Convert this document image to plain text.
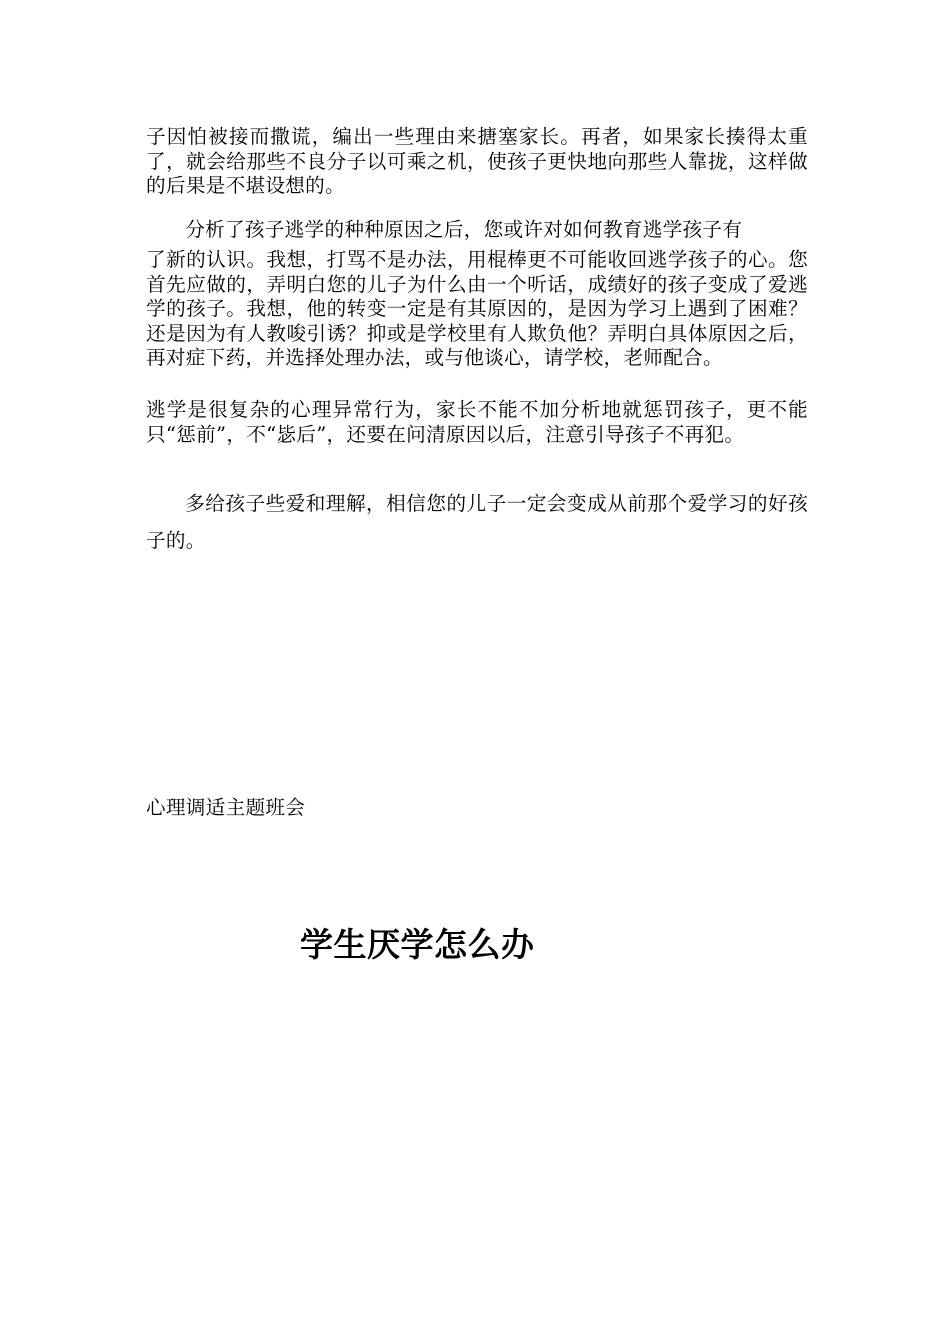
子因怕被接而撒谎，编出一些理由来搪塞家长。再者，如果家长揍得太重了，就会给那些不良分子以可乘之机，使孩子更快地向那些人靠拢，这样做的后果是不堪设想的。
分析了孩子逃学的种种原因之后，您或许对如何教育逃学孩子有
了新的认识。我想，打骂不是办法，用棍棒更不可能收回逃学孩子的心。您首先应做的，弄明白您的儿子为什么由一个听话，成绩好的孩子变成了爱逃学的孩子。我想，他的转变一定是有其原因的，是因为学习上遇到了困难？还是因为有人教唆引诱？抑或是学校里有人欺负他？弄明白具体原因之后，再对症下药，并选择处理办法，或与他谈心，请学校，老师配合。
逃学是很复杂的心理异常行为，家长不能不加分析地就惩罚孩子，更不能只“惩前”，不“毖后”，还要在问清原因以后，注意引导孩子不再犯。
多给孩子些爱和理解，相信您的儿子一定会变成从前那个爱学习的好孩子的。
心理调适主题班会
学生厌学怎么办
